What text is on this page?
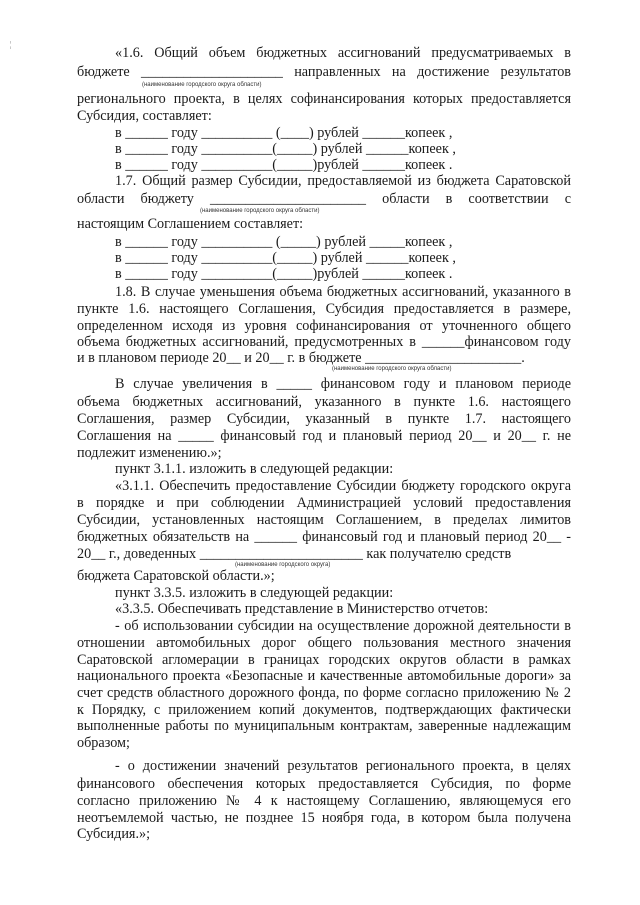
¦
«1.6. Общий объем бюджетных ассигнований предусматриваемых в
бюджете ____________________ направленных на достижение результатов
(наименование городского округа области)
регионального проекта, в целях софинансирования которых предоставляется
Субсидия, составляет:
в ______ году __________ (____) рублей ______копеек ,
в ______ году __________(_____) рублей ______копеек ,
в ______ году __________(_____)рублей ______копеек .
1.7. Общий размер Субсидии, предоставляемой из бюджета Саратовской
области бюджету ______________________ области в соответствии с
(наименование городского округа области)
настоящим Соглашением составляет:
в ______ году __________ (_____) рублей _____копеек ,
в ______ году __________(_____) рублей ______копеек ,
в ______ году __________(_____)рублей ______копеек .
1.8. В случае уменьшения объема бюджетных ассигнований, указанного в
пункте 1.6. настоящего Соглашения, Субсидия предоставляется в размере,
определенном исходя из уровня софинансирования от уточненного общего
объема бюджетных ассигнований, предусмотренных в ______финансовом году
и в плановом периоде 20__ и 20__ г. в бюджете ______________________.
(наименование городского округа области)
В случае увеличения в _____ финансовом году и плановом периоде
объема бюджетных ассигнований, указанного в пункте 1.6. настоящего
Соглашения, размер Субсидии, указанный в пункте 1.7. настоящего
Соглашения на _____ финансовый год и плановый период 20__ и 20__ г. не
подлежит изменению.»;
пункт 3.1.1. изложить в следующей редакции:
«3.1.1. Обеспечить предоставление Субсидии бюджету городского округа
в порядке и при соблюдении Администрацией условий предоставления
Субсидии, установленных настоящим Соглашением, в пределах лимитов
бюджетных обязательств на ______ финансовый год и плановый период 20__ -
20__ г., доведенных _______________________ как получателю средств
(наименование городского округа)
бюджета Саратовской области.»;
пункт 3.3.5. изложить в следующей редакции:
«3.3.5. Обеспечивать представление в Министерство отчетов:
- об использовании субсидии на осуществление дорожной деятельности в
отношении автомобильных дорог общего пользования местного значения
Саратовской агломерации в границах городских округов области в рамках
национального проекта «Безопасные и качественные автомобильные дороги» за
счет средств областного дорожного фонда, по форме согласно приложению № 2
к Порядку, с приложением копий документов, подтверждающих фактически
выполненные работы по муниципальным контрактам, заверенные надлежащим
образом;
- о достижении значений результатов регионального проекта, в целях
финансового обеспечения которых предоставляется Субсидия, по форме
согласно приложению № 4 к настоящему Соглашению, являющемуся его
неотъемлемой частью, не позднее 15 ноября года, в котором была получена
Субсидия.»;
